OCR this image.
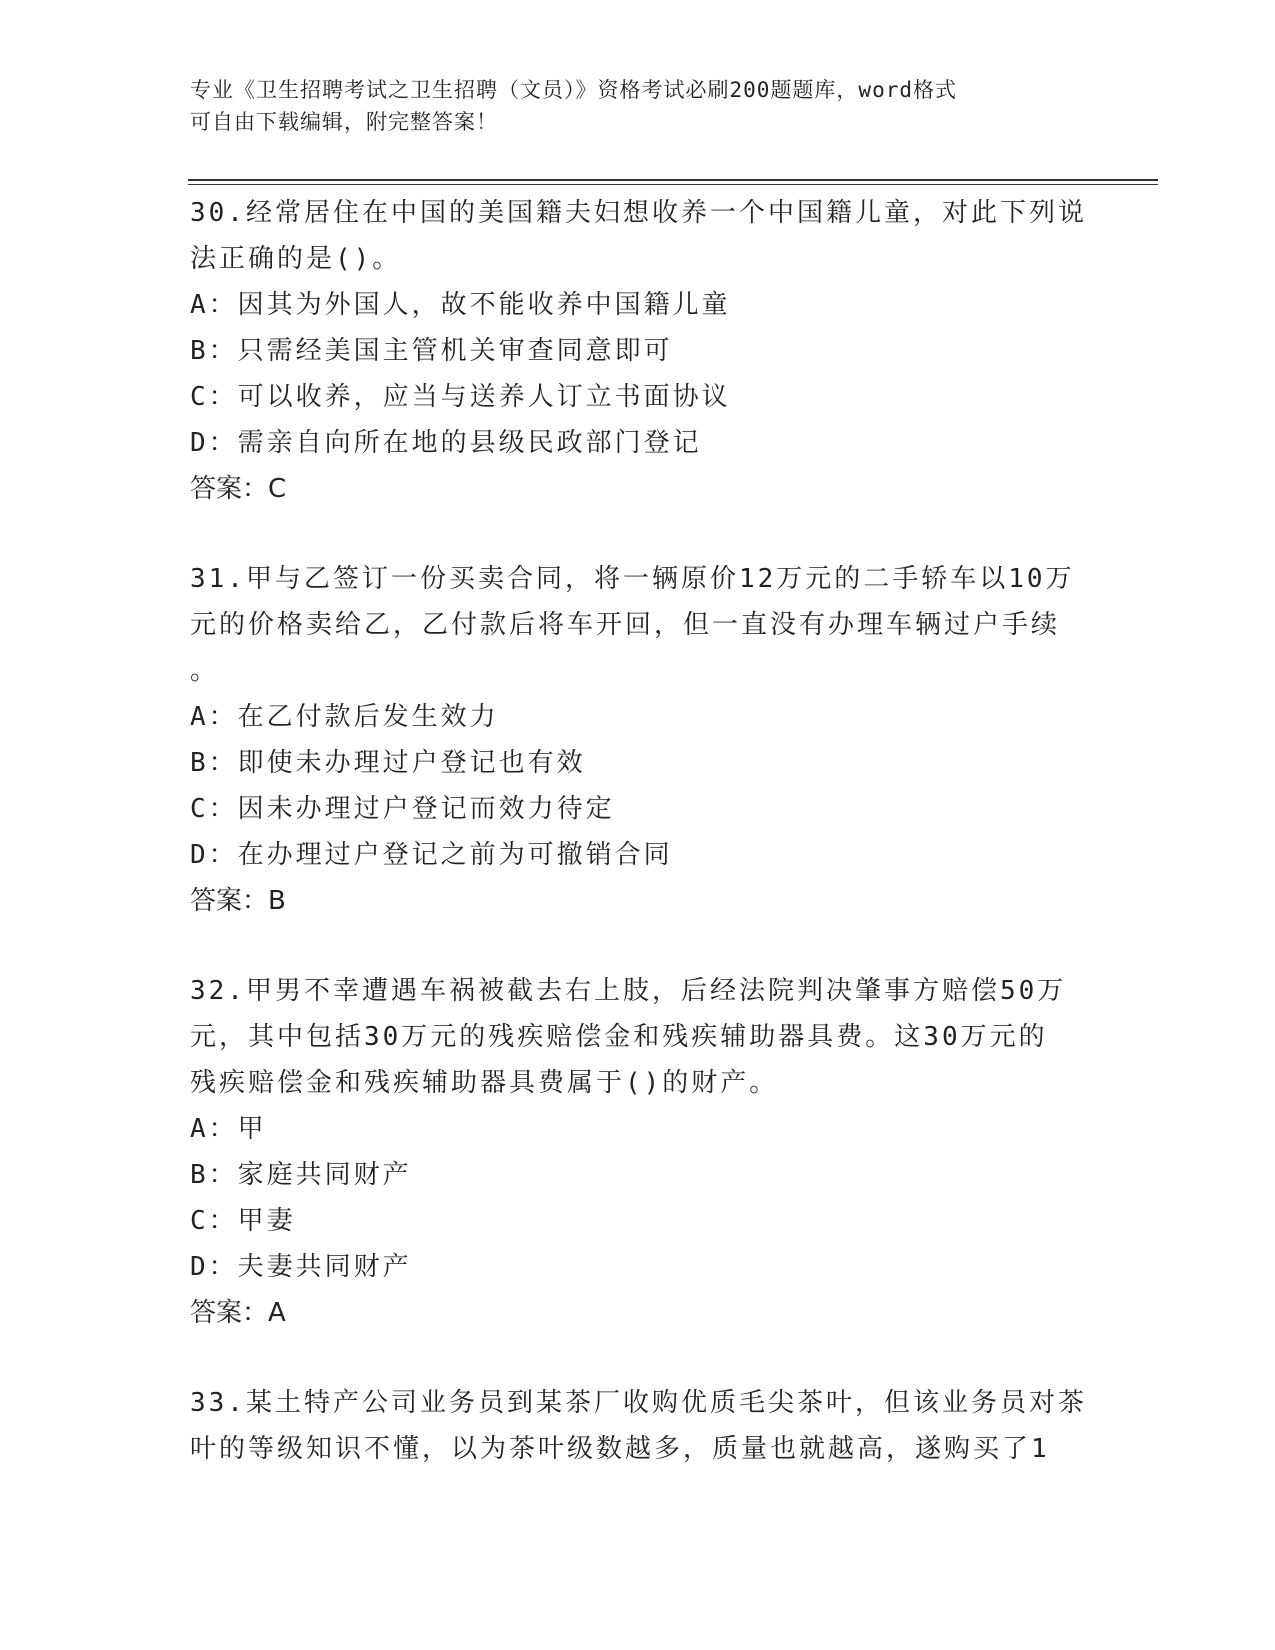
专业《卫生招聘考试之卫生招聘（文员）》资格考试必刷200题题库，word格式
可自由下载编辑，附完整答案！

30.经常居住在中国的美国籍夫妇想收养一个中国籍儿童，对此下列说

法正确的是()。

A：因其为外国人，故不能收养中国籍儿童

B：只需经美国主管机关审查同意即可

C：可以收养，应当与送养人订立书面协议

D：需亲自向所在地的县级民政部门登记

答案：C

31.甲与乙签订一份买卖合同，将一辆原价12万元的二手轿车以10万

元的价格卖给乙，乙付款后将车开回，但一直没有办理车辆过户手续

。

A：在乙付款后发生效力

B：即使未办理过户登记也有效

C：因未办理过户登记而效力待定

D：在办理过户登记之前为可撤销合同

答案：B

32.甲男不幸遭遇车祸被截去右上肢，后经法院判决肇事方赔偿50万

元，其中包括30万元的残疾赔偿金和残疾辅助器具费。这30万元的

残疾赔偿金和残疾辅助器具费属于()的财产。

A：甲

B：家庭共同财产

C：甲妻

D：夫妻共同财产

答案：A

33.某土特产公司业务员到某茶厂收购优质毛尖茶叶，但该业务员对茶

叶的等级知识不懂，以为茶叶级数越多，质量也就越高，遂购买了1
